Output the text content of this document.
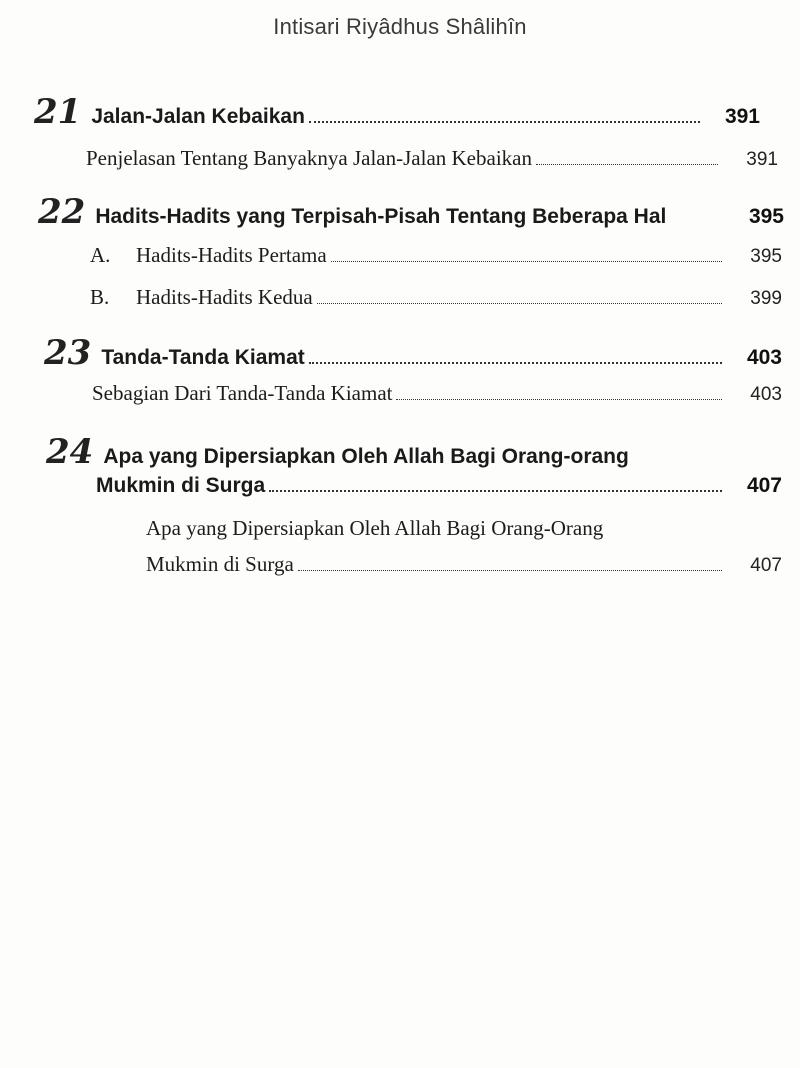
Intisari Riyâdhus Shâlihîn
21 Jalan-Jalan Kebaikan	391
Penjelasan Tentang Banyaknya Jalan-Jalan Kebaikan	391
22 Hadits-Hadits yang Terpisah-Pisah Tentang Beberapa Hal	395
A.	Hadits-Hadits Pertama	395
B.	Hadits-Hadits Kedua	399
23 Tanda-Tanda Kiamat	403
Sebagian Dari Tanda-Tanda Kiamat	403
24 Apa yang Dipersiapkan Oleh Allah Bagi Orang-orang
Mukmin di Surga	407
Apa yang Dipersiapkan Oleh Allah Bagi Orang-Orang
Mukmin di Surga	407
